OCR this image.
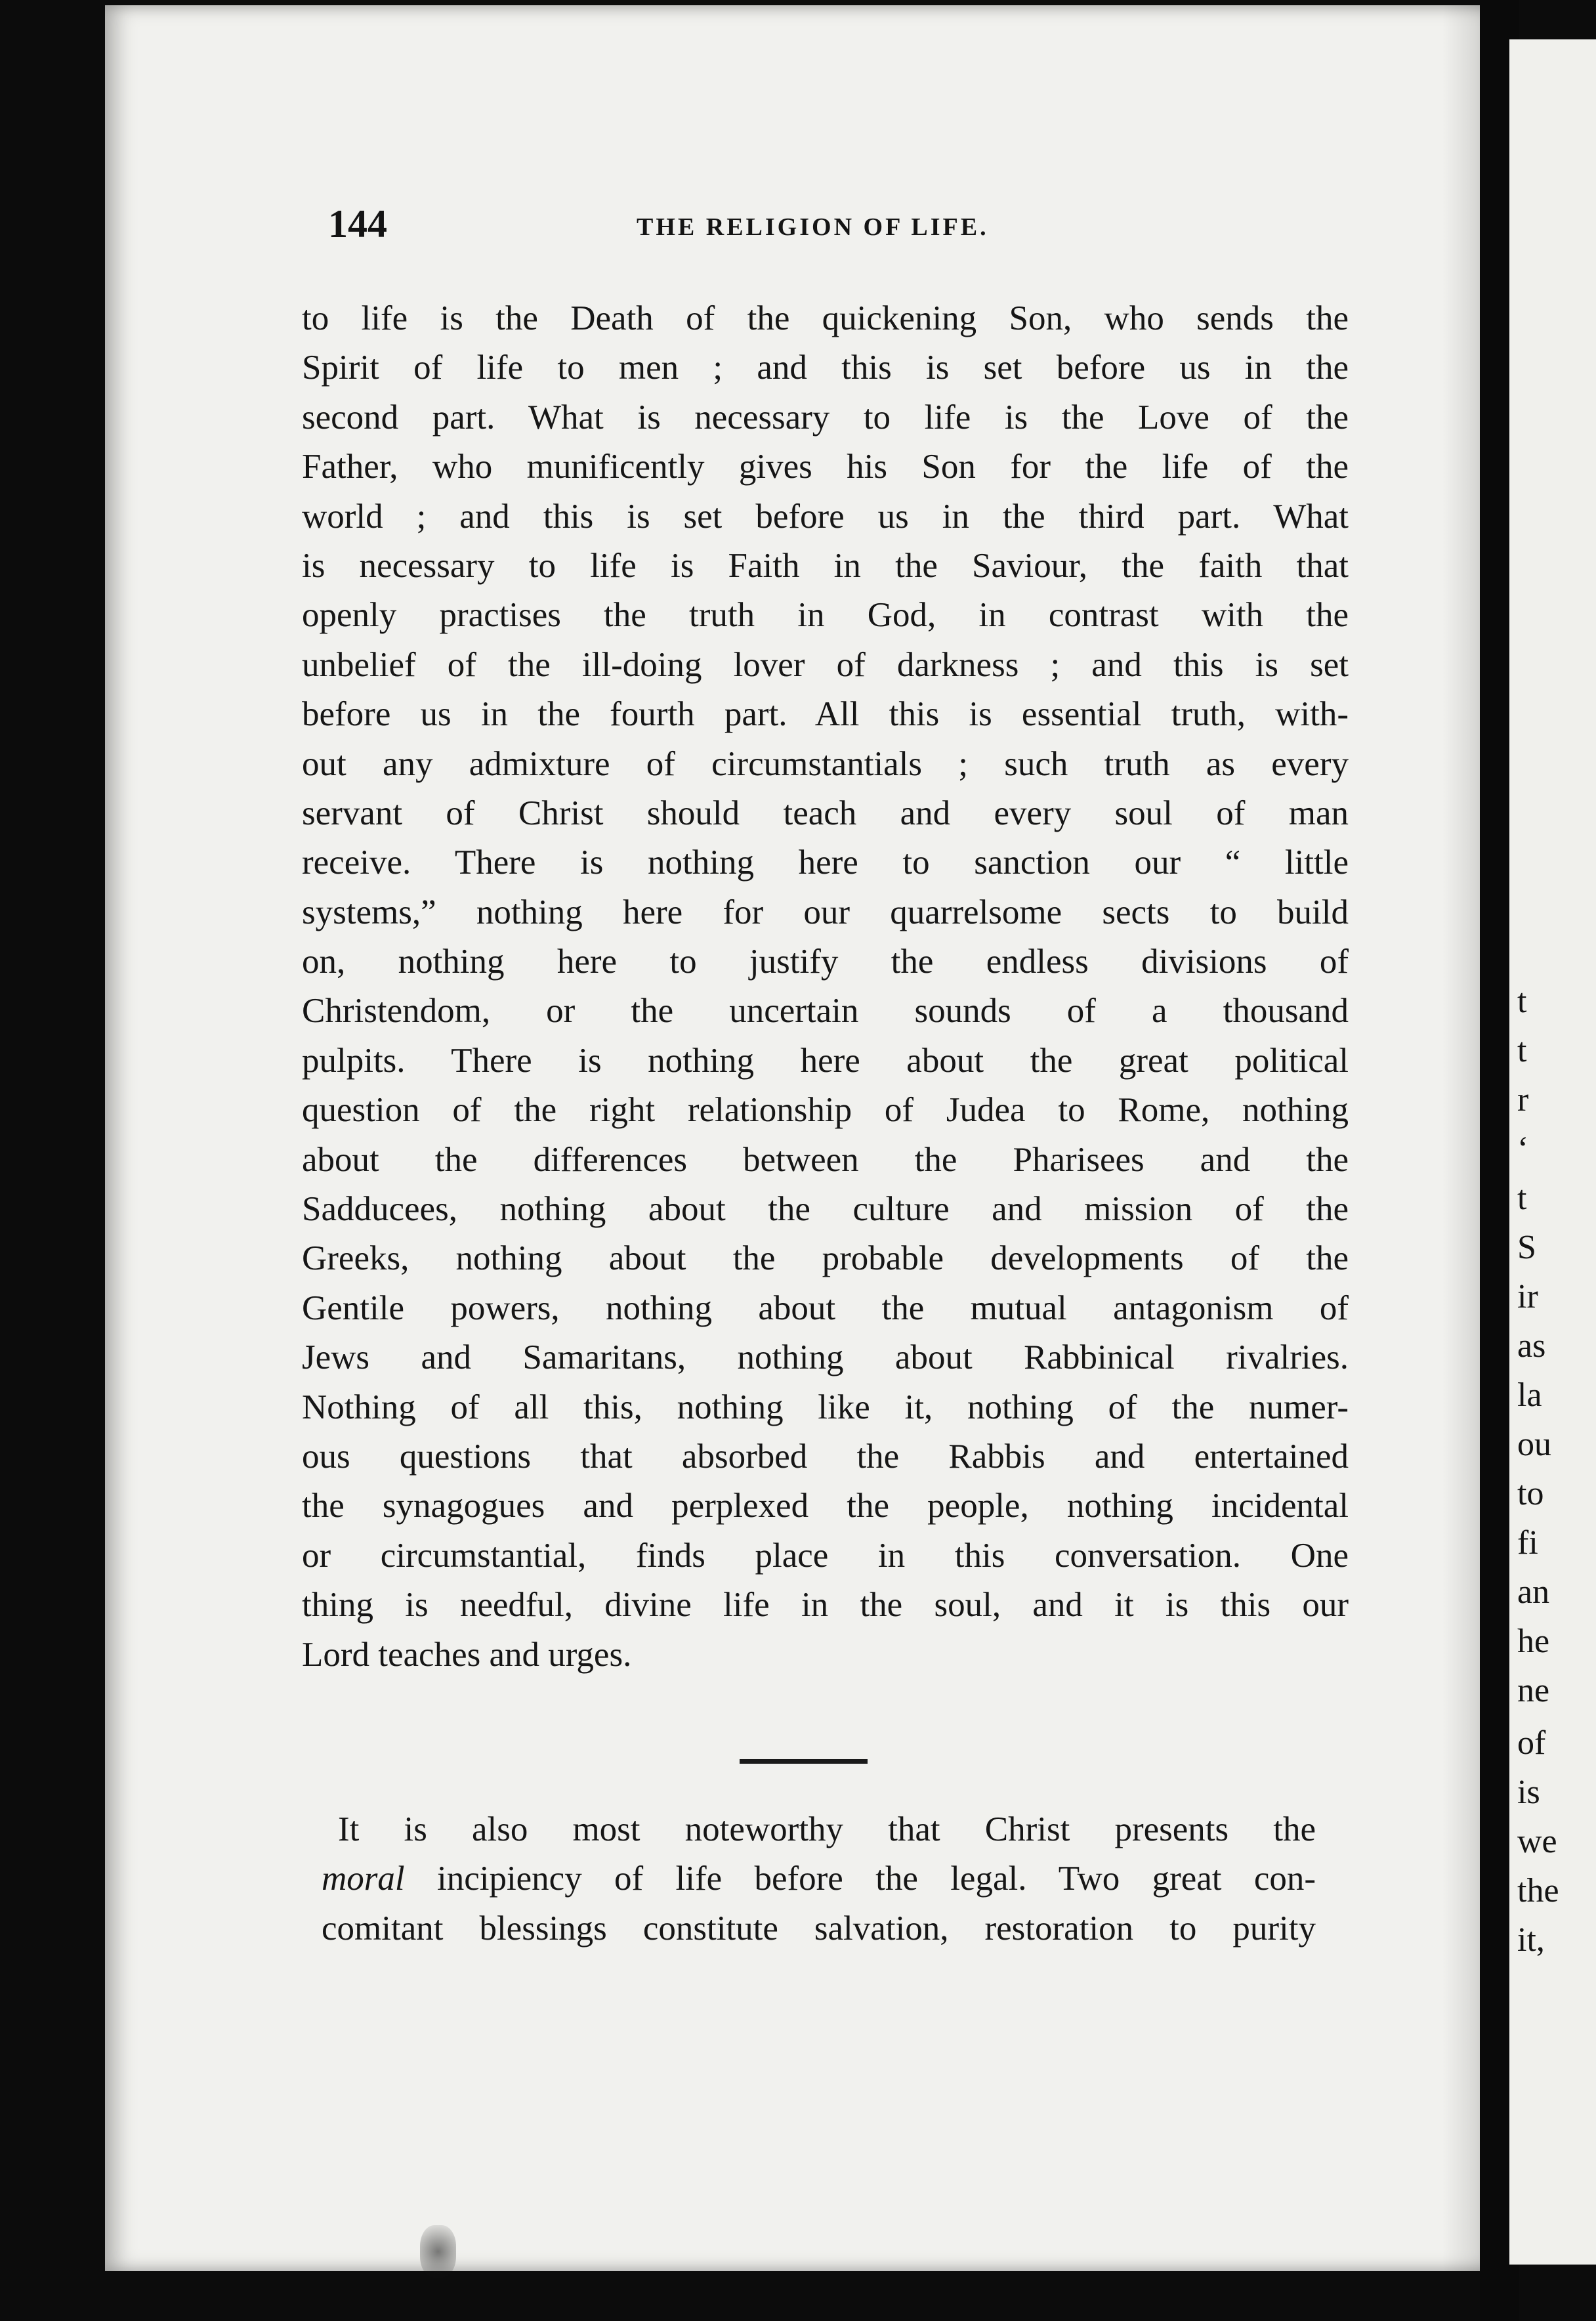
t
t
r
‘
t
S
ir
as
la
ou
to
fi
an
he
ne
of
is
we
the
it,
144	THE RELIGION OF LIFE.
to life is the Death of the quickening Son, who sends the
Spirit of life to men ; and this is set before us in the
second part. What is necessary to life is the Love of the
Father, who munificently gives his Son for the life of the
world ; and this is set before us in the third part. What
is necessary to life is Faith in the Saviour, the faith that
openly practises the truth in God, in contrast with the
unbelief of the ill-doing lover of darkness ; and this is set
before us in the fourth part. All this is essential truth, with-
out any admixture of circumstantials ; such truth as every
servant of Christ should teach and every soul of man
receive. There is nothing here to sanction our “ little
systems,” nothing here for our quarrelsome sects to build
on, nothing here to justify the endless divisions of
Christendom, or the uncertain sounds of a thousand
pulpits. There is nothing here about the great political
question of the right relationship of Judea to Rome, nothing
about the differences between the Pharisees and the
Sadducees, nothing about the culture and mission of the
Greeks, nothing about the probable developments of the
Gentile powers, nothing about the mutual antagonism of
Jews and Samaritans, nothing about Rabbinical rivalries.
Nothing of all this, nothing like it, nothing of the numer-
ous questions that absorbed the Rabbis and entertained
the synagogues and perplexed the people, nothing incidental
or circumstantial, finds place in this conversation. One
thing is needful, divine life in the soul, and it is this our
Lord teaches and urges.
It is also most noteworthy that Christ presents the
moral incipiency of life before the legal. Two great con-
comitant blessings constitute salvation, restoration to purity
